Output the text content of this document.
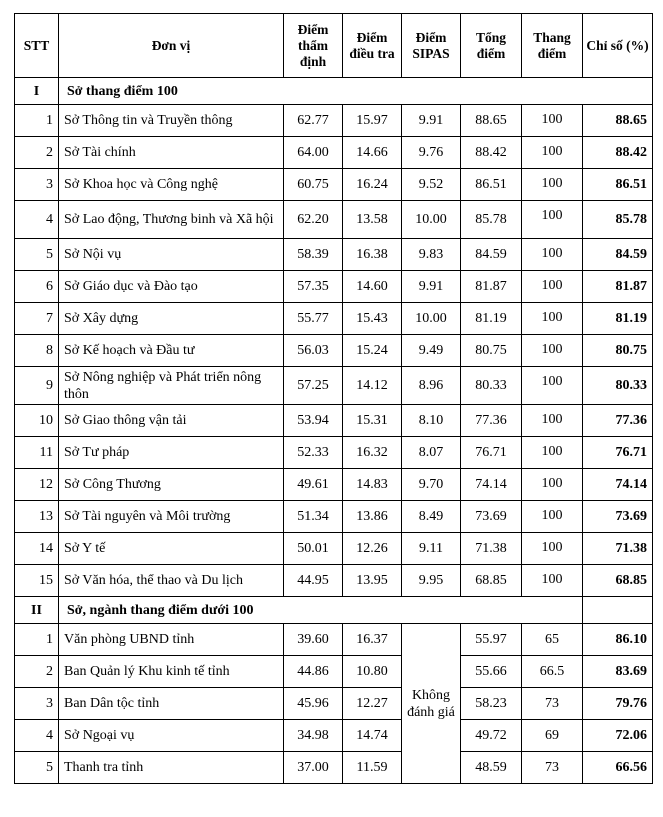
STT	Đơn vị	Điểm thẩm định	Điểm điều tra	Điểm SIPAS	Tổng điểm	Thang điểm	Chỉ số (%)
I	Sở thang điểm 100						
1	Sở Thông tin và Truyền thông	62.77	15.97	9.91	88.65	100	88.65
2	Sở Tài chính	64.00	14.66	9.76	88.42	100	88.42
3	Sở Khoa học và Công nghệ	60.75	16.24	9.52	86.51	100	86.51
4	Sở Lao động, Thương binh và Xã hội	62.20	13.58	10.00	85.78	100	85.78
5	Sở Nội vụ	58.39	16.38	9.83	84.59	100	84.59
6	Sở Giáo dục và Đào tạo	57.35	14.60	9.91	81.87	100	81.87
7	Sở Xây dựng	55.77	15.43	10.00	81.19	100	81.19
8	Sở Kế hoạch và Đầu tư	56.03	15.24	9.49	80.75	100	80.75
9	Sở Nông nghiệp và Phát triển nông thôn	57.25	14.12	8.96	80.33	100	80.33
10	Sở Giao thông vận tải	53.94	15.31	8.10	77.36	100	77.36
11	Sở Tư pháp	52.33	16.32	8.07	76.71	100	76.71
12	Sở Công Thương	49.61	14.83	9.70	74.14	100	74.14
13	Sở Tài nguyên và Môi trường	51.34	13.86	8.49	73.69	100	73.69
14	Sở Y tế	50.01	12.26	9.11	71.38	100	71.38
15	Sở Văn hóa, thể thao và Du lịch	44.95	13.95	9.95	68.85	100	68.85
II	Sở, ngành thang điểm dưới 100						
1	Văn phòng UBND tỉnh	39.60	16.37	Không đánh giá	55.97	65	86.10
2	Ban Quản lý Khu kinh tế tỉnh	44.86	10.80		55.66	66.5	83.69
3	Ban Dân tộc tỉnh	45.96	12.27		58.23	73	79.76
4	Sở Ngoại vụ	34.98	14.74		49.72	69	72.06
5	Thanh tra tỉnh	37.00	11.59		48.59	73	66.56
